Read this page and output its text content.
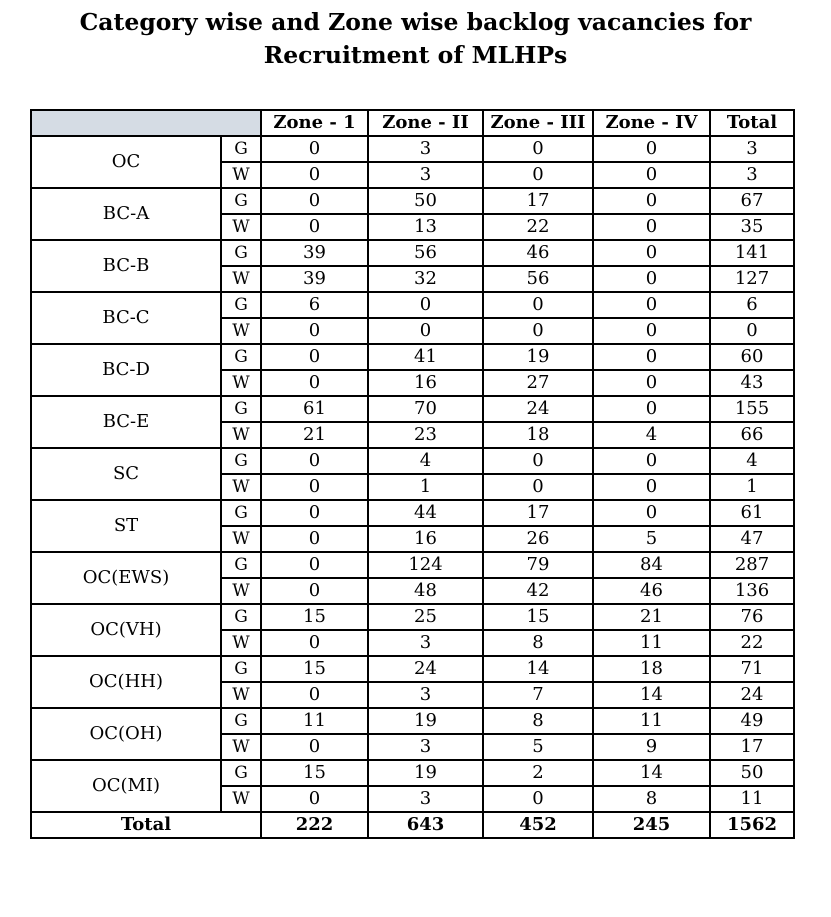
Category wise and Zone wise backlog vacancies for
Recruitment of MLHPs
		Zone - 1	Zone - II	Zone - III	Zone - IV	Total
OC	G	0	3	0	0	3
	W	0	3	0	0	3
BC-A	G	0	50	17	0	67
	W	0	13	22	0	35
BC-B	G	39	56	46	0	141
	W	39	32	56	0	127
BC-C	G	6	0	0	0	6
	W	0	0	0	0	0
BC-D	G	0	41	19	0	60
	W	0	16	27	0	43
BC-E	G	61	70	24	0	155
	W	21	23	18	4	66
SC	G	0	4	0	0	4
	W	0	1	0	0	1
ST	G	0	44	17	0	61
	W	0	16	26	5	47
OC(EWS)	G	0	124	79	84	287
	W	0	48	42	46	136
OC(VH)	G	15	25	15	21	76
	W	0	3	8	11	22
OC(HH)	G	15	24	14	18	71
	W	0	3	7	14	24
OC(OH)	G	11	19	8	11	49
	W	0	3	5	9	17
OC(MI)	G	15	19	2	14	50
	W	0	3	0	8	11
Total		222	643	452	245	1562
